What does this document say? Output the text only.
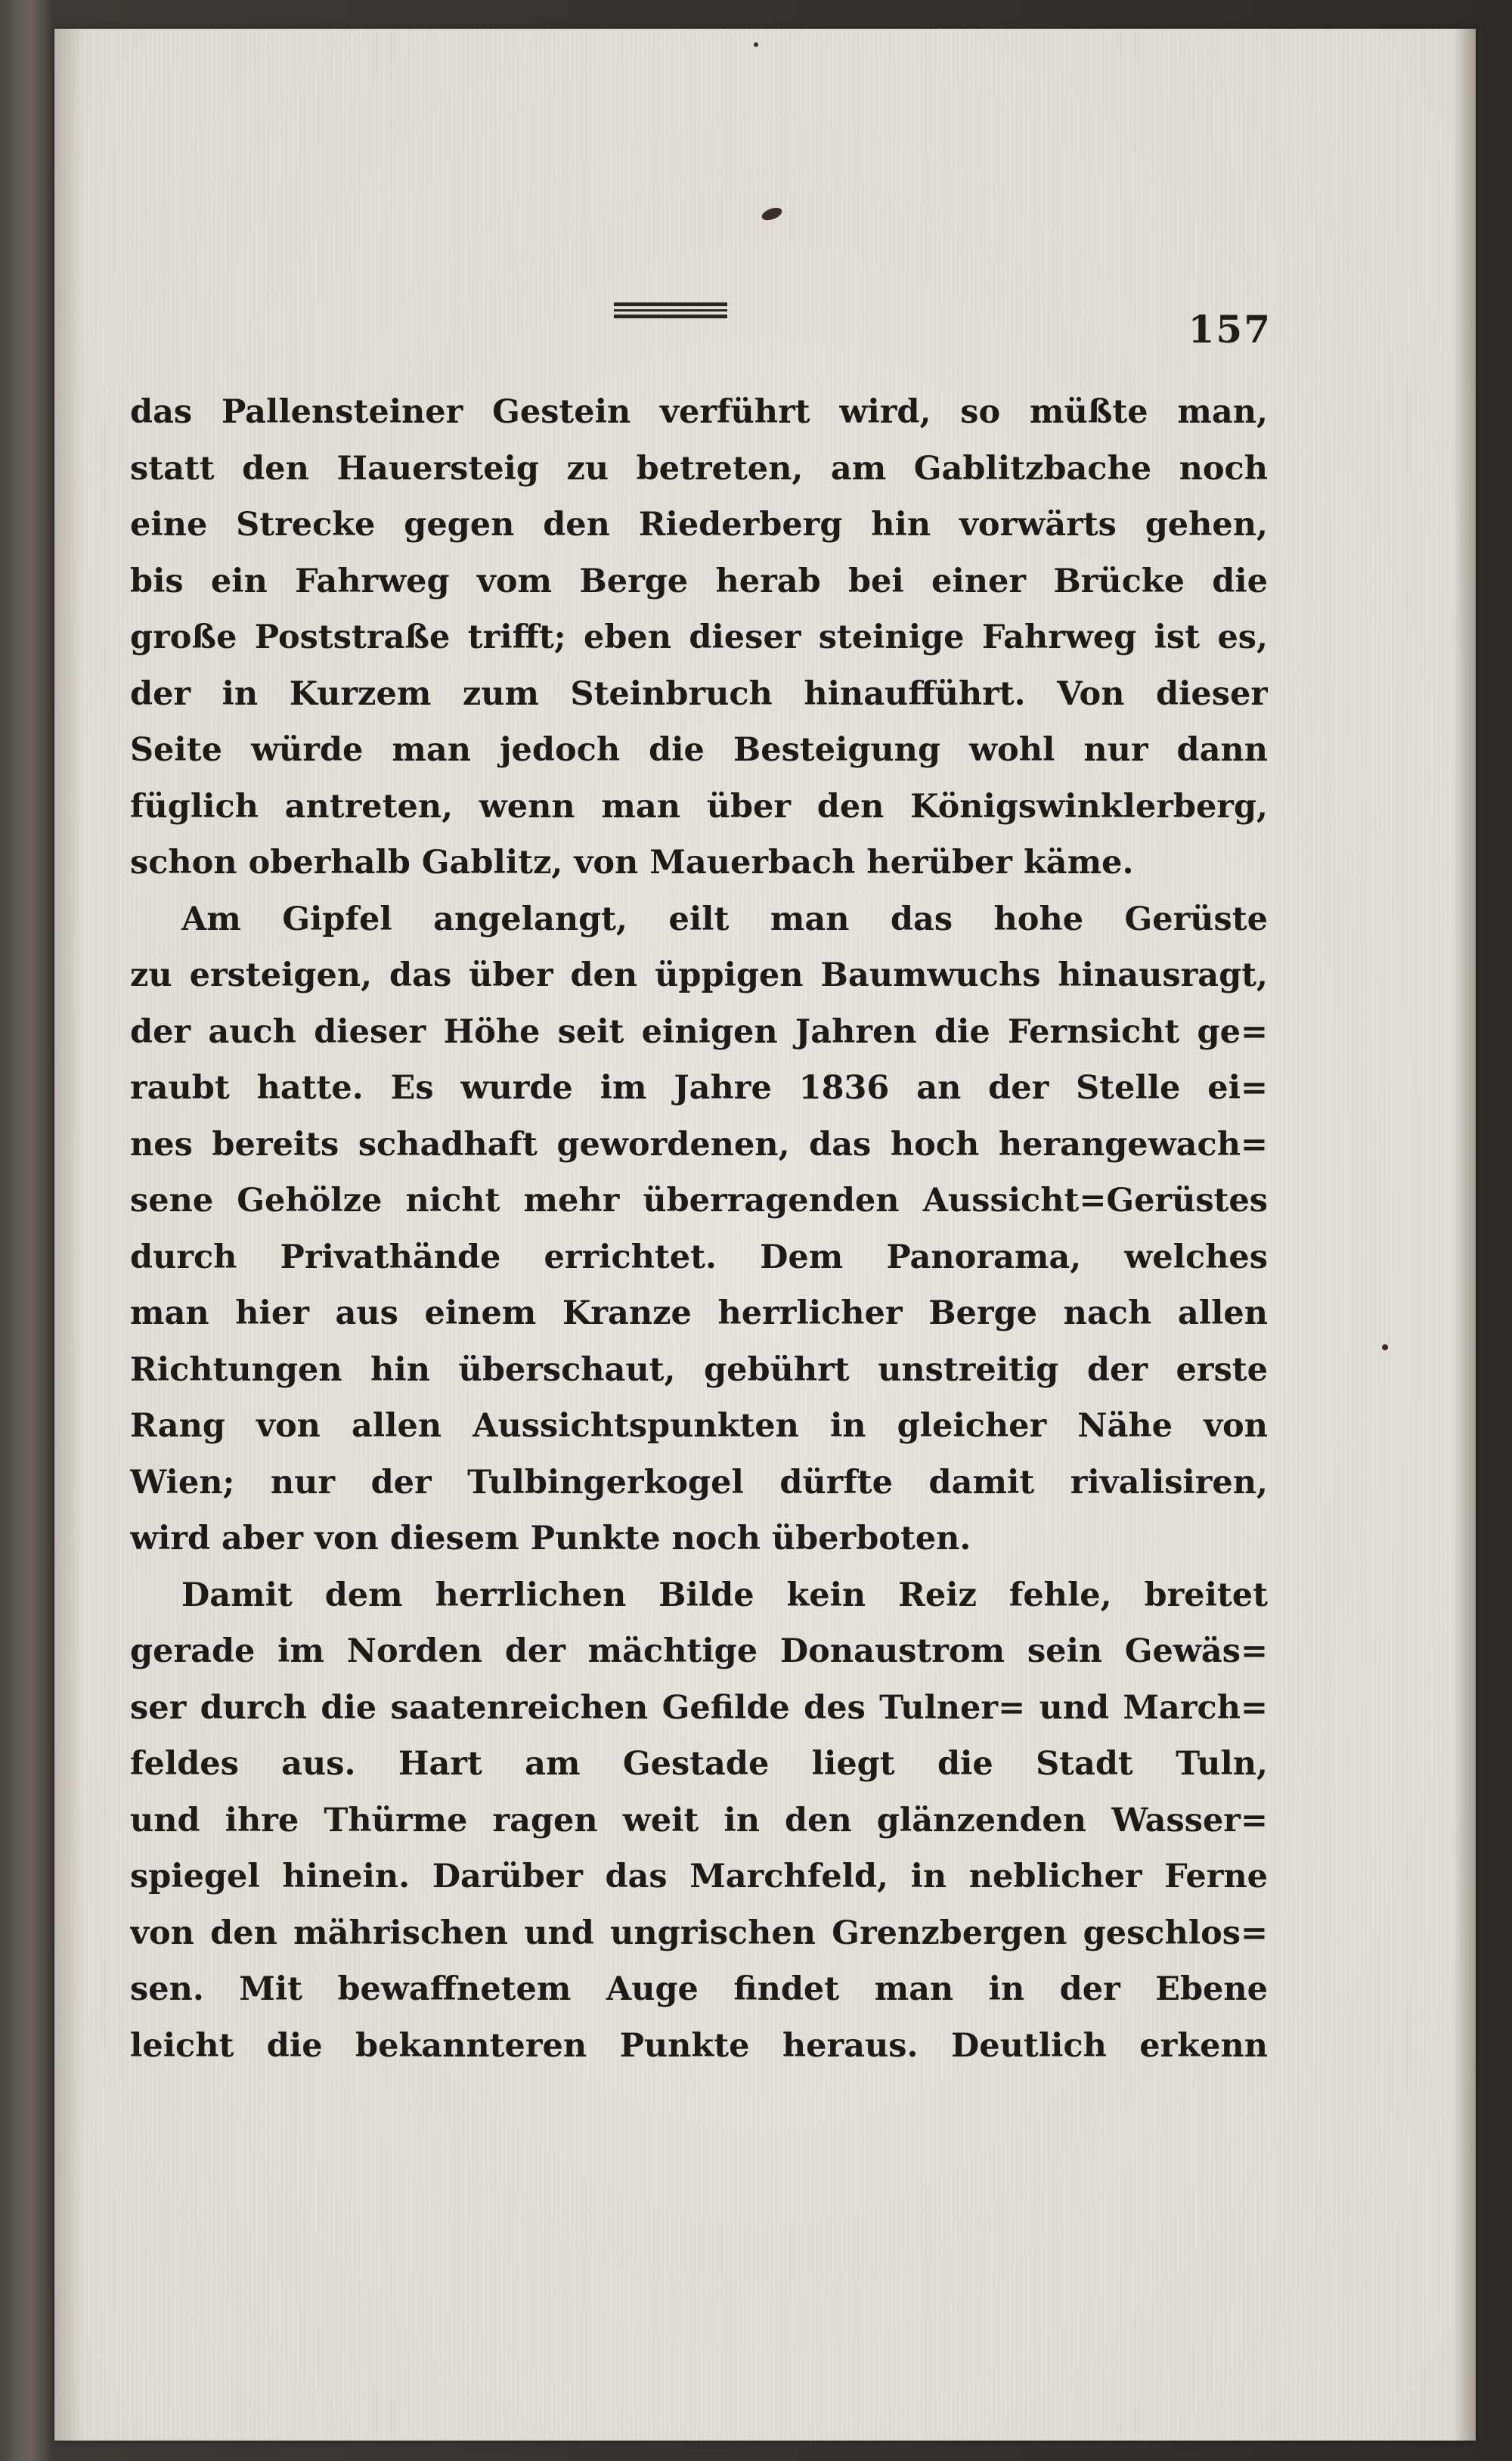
157
das Pallensteiner Gestein verführt wird, so müßte man,
statt den Hauersteig zu betreten, am Gablitzbache noch
eine Strecke gegen den Riederberg hin vorwärts gehen,
bis ein Fahrweg vom Berge herab bei einer Brücke die
große Poststraße trifft; eben dieser steinige Fahrweg ist es,
der in Kurzem zum Steinbruch hinaufführt. Von dieser
Seite würde man jedoch die Besteigung wohl nur dann
füglich antreten, wenn man über den Königswinklerberg,
schon oberhalb Gablitz, von Mauerbach herüber käme.
Am Gipfel angelangt, eilt man das hohe Gerüste
zu ersteigen, das über den üppigen Baumwuchs hinausragt,
der auch dieser Höhe seit einigen Jahren die Fernsicht ge=
raubt hatte. Es wurde im Jahre 1836 an der Stelle ei=
nes bereits schadhaft gewordenen, das hoch herangewach=
sene Gehölze nicht mehr überragenden Aussicht=Gerüstes
durch Privathände errichtet. Dem Panorama, welches
man hier aus einem Kranze herrlicher Berge nach allen
Richtungen hin überschaut, gebührt unstreitig der erste
Rang von allen Aussichtspunkten in gleicher Nähe von
Wien; nur der Tulbingerkogel dürfte damit rivalisiren,
wird aber von diesem Punkte noch überboten.
Damit dem herrlichen Bilde kein Reiz fehle, breitet
gerade im Norden der mächtige Donaustrom sein Gewäs=
ser durch die saatenreichen Gefilde des Tulner= und March=
feldes aus. Hart am Gestade liegt die Stadt Tuln,
und ihre Thürme ragen weit in den glänzenden Wasser=
spiegel hinein. Darüber das Marchfeld, in neblicher Ferne
von den mährischen und ungrischen Grenzbergen geschlos=
sen. Mit bewaffnetem Auge findet man in der Ebene
leicht die bekannteren Punkte heraus. Deutlich erkenn
